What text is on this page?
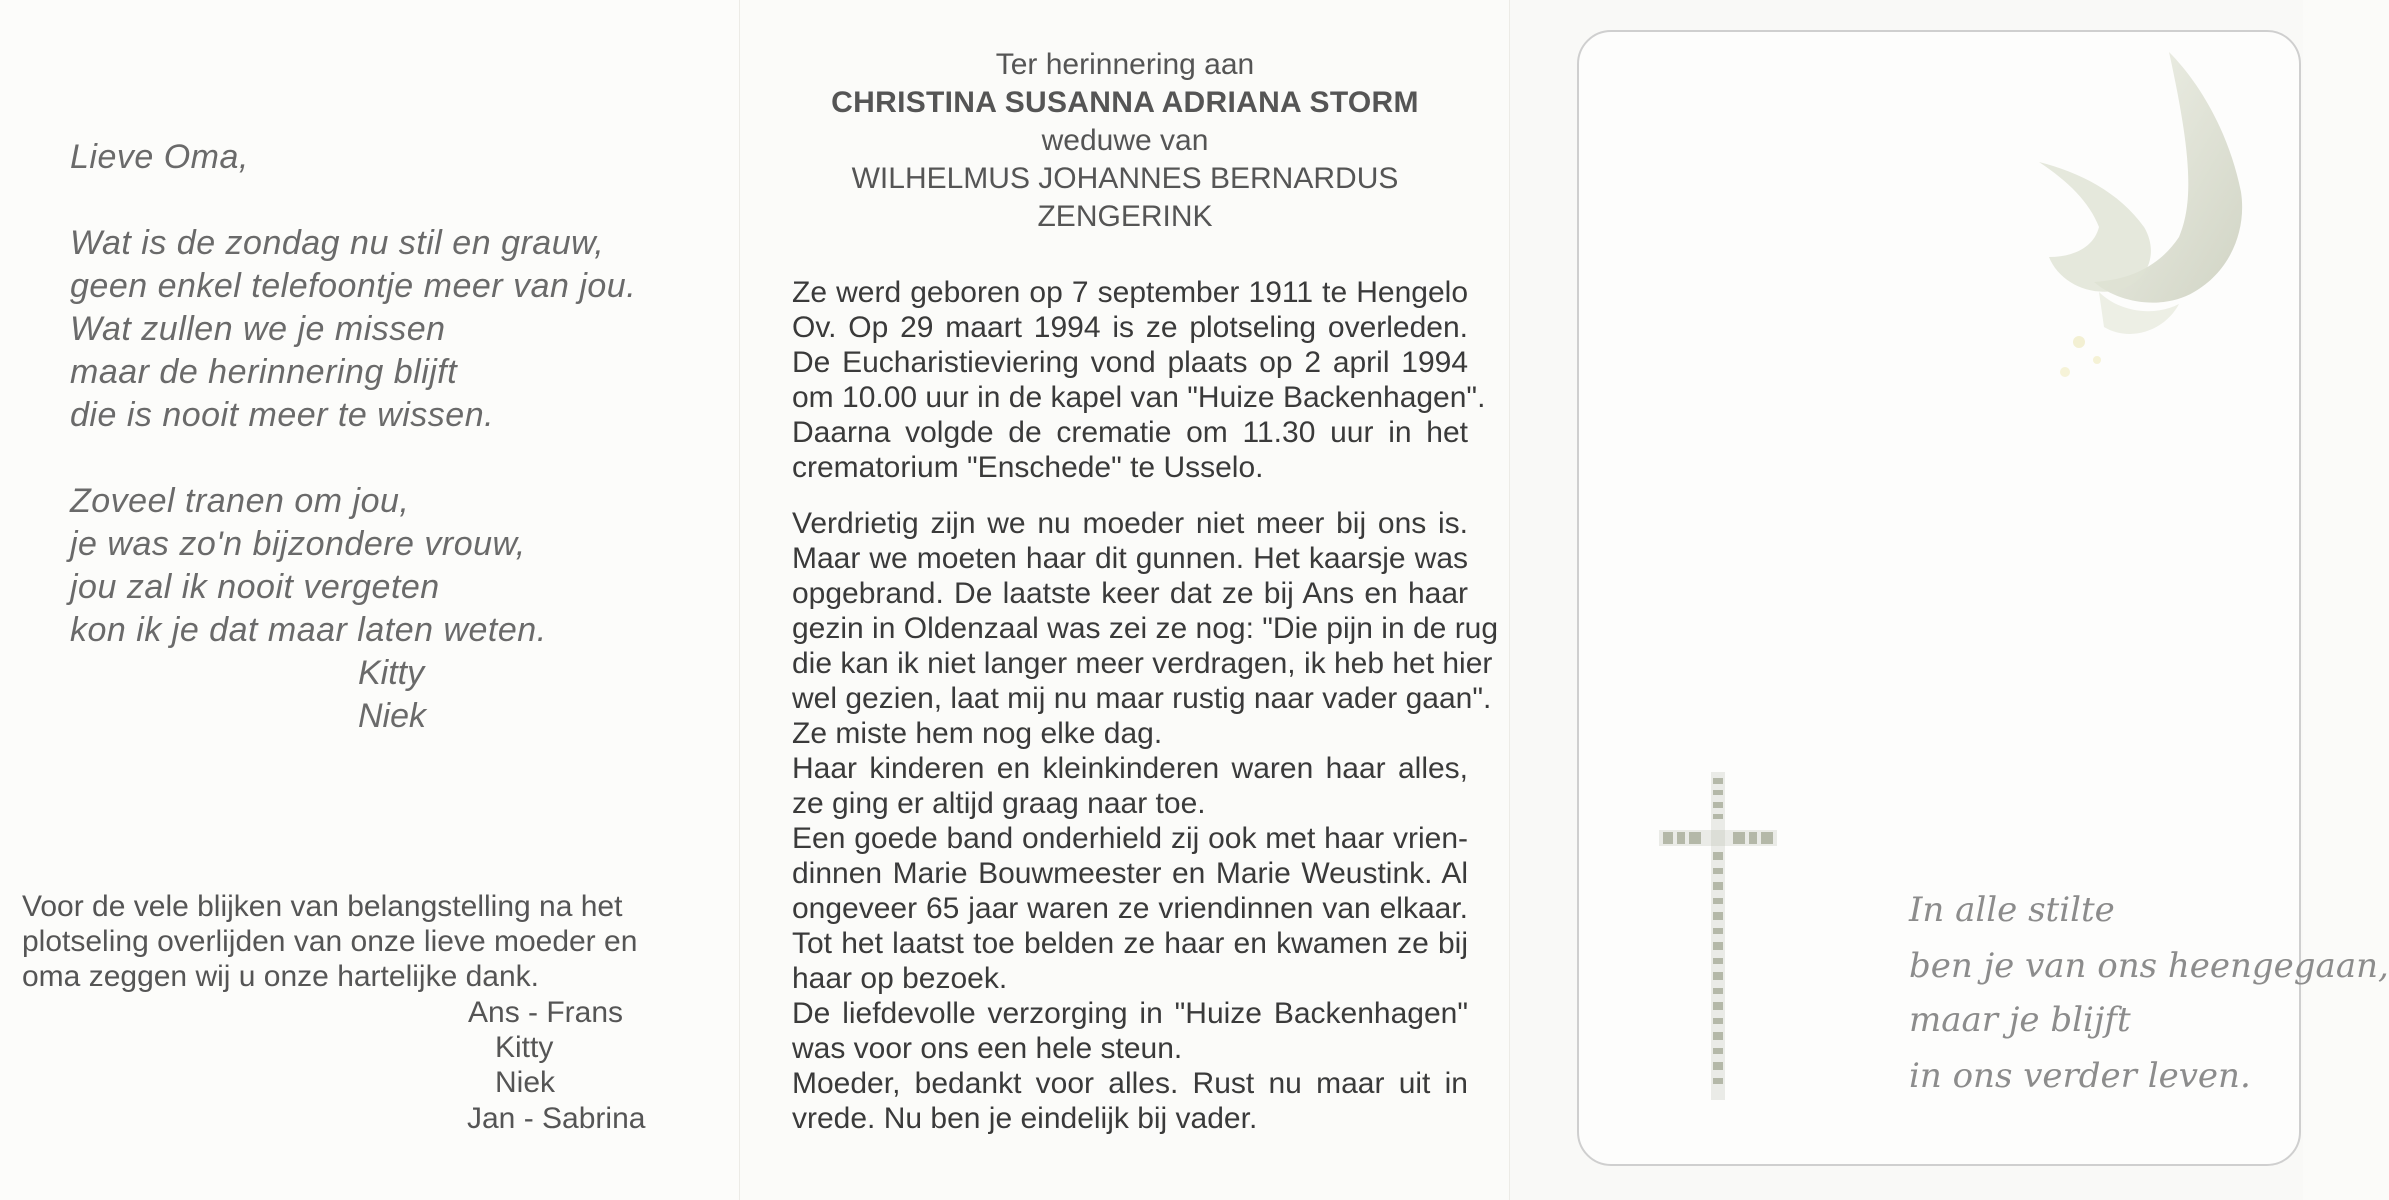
Lieve Oma,
Wat is de zondag nu stil en grauw,
geen enkel telefoontje meer van jou.
Wat zullen we je missen
maar de herinnering blijft
die is nooit meer te wissen.
Zoveel tranen om jou,
je was zo'n bijzondere vrouw,
jou zal ik nooit vergeten
kon ik je dat maar laten weten.
Kitty
Niek
Voor de vele blijken van belangstelling na het
plotseling overlijden van onze lieve moeder en
oma zeggen wij u onze hartelijke dank.
Ans - Frans
Kitty
Niek
Jan - Sabrina
Ter herinnering aan
CHRISTINA SUSANNA ADRIANA STORM
weduwe van
WILHELMUS JOHANNES BERNARDUS
ZENGERINK
Ze werd geboren op 7 september 1911 te Hengelo
Ov. Op 29 maart 1994 is ze plotseling overleden.
De Eucharistieviering vond plaats op 2 april 1994
om 10.00 uur in de kapel van "Huize Backenhagen".
Daarna volgde de crematie om 11.30 uur in het
crematorium "Enschede" te Usselo.
Verdrietig zijn we nu moeder niet meer bij ons is.
Maar we moeten haar dit gunnen. Het kaarsje was
opgebrand. De laatste keer dat ze bij Ans en haar
gezin in Oldenzaal was zei ze nog: "Die pijn in de rug
die kan ik niet langer meer verdragen, ik heb het hier
wel gezien, laat mij nu maar rustig naar vader gaan".
Ze miste hem nog elke dag.
Haar kinderen en kleinkinderen waren haar alles,
ze ging er altijd graag naar toe.
Een goede band onderhield zij ook met haar vrien-
dinnen Marie Bouwmeester en Marie Weustink. Al
ongeveer 65 jaar waren ze vriendinnen van elkaar.
Tot het laatst toe belden ze haar en kwamen ze bij
haar op bezoek.
De liefdevolle verzorging in "Huize Backenhagen"
was voor ons een hele steun.
Moeder, bedankt voor alles. Rust nu maar uit in
vrede. Nu ben je eindelijk bij vader.
In alle stilte
ben je van ons heengegaan,
maar je blijft
in ons verder leven.
